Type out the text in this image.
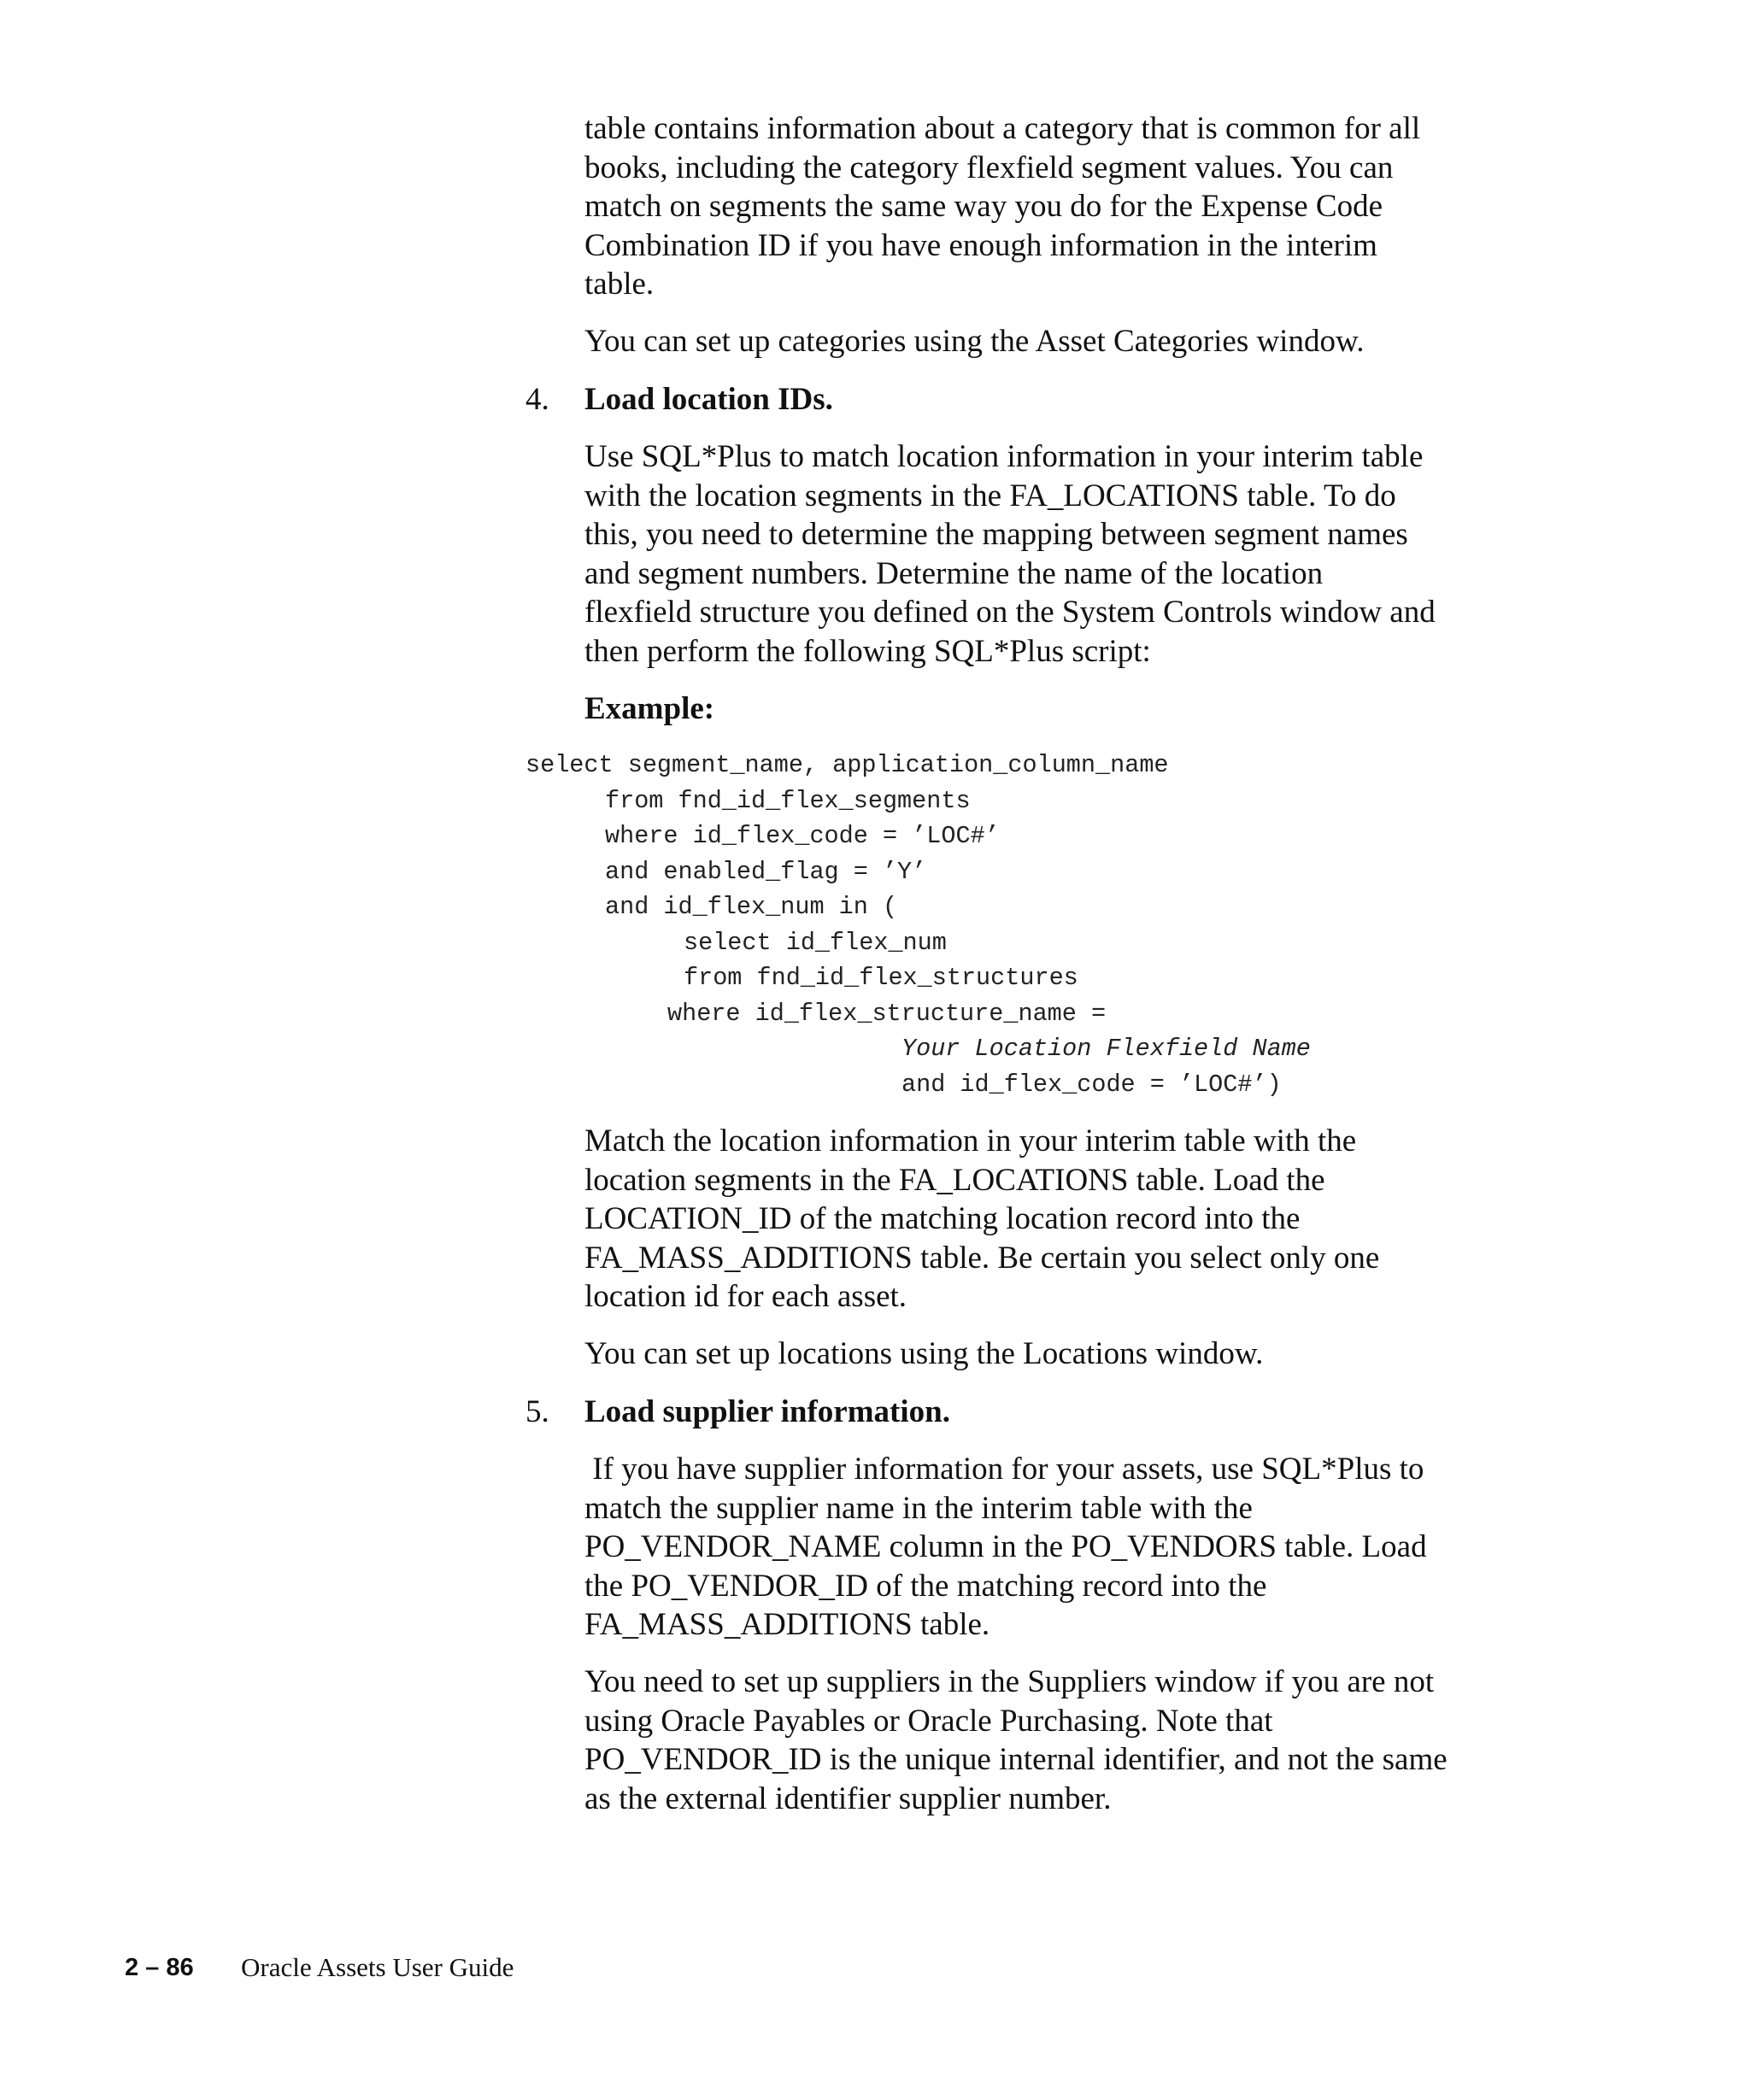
table contains information about a category that is common for all
books, including the category flexfield segment values. You can
match on segments the same way you do for the Expense Code
Combination ID if you have enough information in the interim
table.
You can set up categories using the Asset Categories window.
4. Load location IDs.
Use SQL*Plus to match location information in your interim table
with the location segments in the FA_LOCATIONS table. To do
this, you need to determine the mapping between segment names
and segment numbers. Determine the name of the location
flexfield structure you defined on the System Controls window and
then perform the following SQL*Plus script:
Example:
select segment_name, application_column_name
from fnd_id_flex_segments
where id_flex_code = ’LOC#’
and enabled_flag = ’Y’
and id_flex_num in (
select id_flex_num
from fnd_id_flex_structures
where id_flex_structure_name =
Your Location Flexfield Name
and id_flex_code = ’LOC#’)
Match the location information in your interim table with the
location segments in the FA_LOCATIONS table. Load the
LOCATION_ID of the matching location record into the
FA_MASS_ADDITIONS table. Be certain you select only one
location id for each asset.
You can set up locations using the Locations window.
5. Load supplier information.
If you have supplier information for your assets, use SQL*Plus to
match the supplier name in the interim table with the
PO_VENDOR_NAME column in the PO_VENDORS table. Load
the PO_VENDOR_ID of the matching record into the
FA_MASS_ADDITIONS table.
You need to set up suppliers in the Suppliers window if you are not
using Oracle Payables or Oracle Purchasing. Note that
PO_VENDOR_ID is the unique internal identifier, and not the same
as the external identifier supplier number.
2 – 86 Oracle Assets User Guide
